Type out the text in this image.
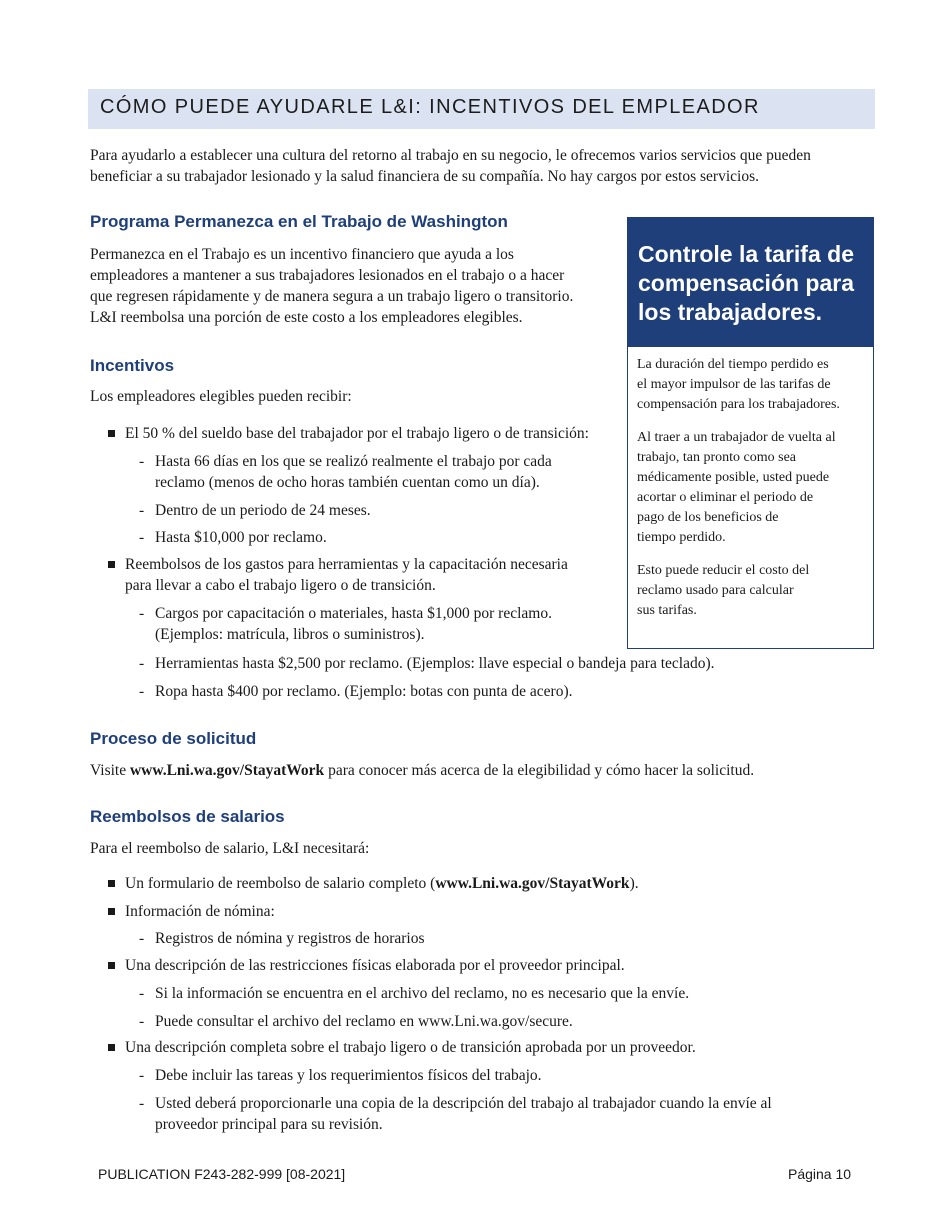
CÓMO PUEDE AYUDARLE L&I: INCENTIVOS DEL EMPLEADOR
Para ayudarlo a establecer una cultura del retorno al trabajo en su negocio, le ofrecemos varios servicios que pueden
beneficiar a su trabajador lesionado y la salud financiera de su compañía. No hay cargos por estos servicios.
Programa Permanezca en el Trabajo de Washington
Permanezca en el Trabajo es un incentivo financiero que ayuda a los
empleadores a mantener a sus trabajadores lesionados en el trabajo o a hacer
que regresen rápidamente y de manera segura a un trabajo ligero o transitorio.
L&I reembolsa una porción de este costo a los empleadores elegibles.
Incentivos
Los empleadores elegibles pueden recibir:
El 50 % del sueldo base del trabajador por el trabajo ligero o de transición:
- Hasta 66 días en los que se realizó realmente el trabajo por cada
reclamo (menos de ocho horas también cuentan como un día).
- Dentro de un periodo de 24 meses.
- Hasta $10,000 por reclamo.
Reembolsos de los gastos para herramientas y la capacitación necesaria
para llevar a cabo el trabajo ligero o de transición.
- Cargos por capacitación o materiales, hasta $1,000 por reclamo.
(Ejemplos: matrícula, libros o suministros).
- Herramientas hasta $2,500 por reclamo. (Ejemplos: llave especial o bandeja para teclado).
- Ropa hasta $400 por reclamo. (Ejemplo: botas con punta de acero).
Controle la tarifa de
compensación para
los trabajadores.
La duración del tiempo perdido es
el mayor impulsor de las tarifas de
compensación para los trabajadores.
Al traer a un trabajador de vuelta al
trabajo, tan pronto como sea
médicamente posible, usted puede
acortar o eliminar el periodo de
pago de los beneficios de
tiempo perdido.
Esto puede reducir el costo del
reclamo usado para calcular
sus tarifas.
Proceso de solicitud
Visite www.Lni.wa.gov/StayatWork para conocer más acerca de la elegibilidad y cómo hacer la solicitud.
Reembolsos de salarios
Para el reembolso de salario, L&I necesitará:
Un formulario de reembolso de salario completo (www.Lni.wa.gov/StayatWork).
Información de nómina:
- Registros de nómina y registros de horarios
Una descripción de las restricciones físicas elaborada por el proveedor principal.
- Si la información se encuentra en el archivo del reclamo, no es necesario que la envíe.
- Puede consultar el archivo del reclamo en www.Lni.wa.gov/secure.
Una descripción completa sobre el trabajo ligero o de transición aprobada por un proveedor.
- Debe incluir las tareas y los requerimientos físicos del trabajo.
- Usted deberá proporcionarle una copia de la descripción del trabajo al trabajador cuando la envíe al
proveedor principal para su revisión.
PUBLICATION F243-282-999 [08-2021]	Página 10
